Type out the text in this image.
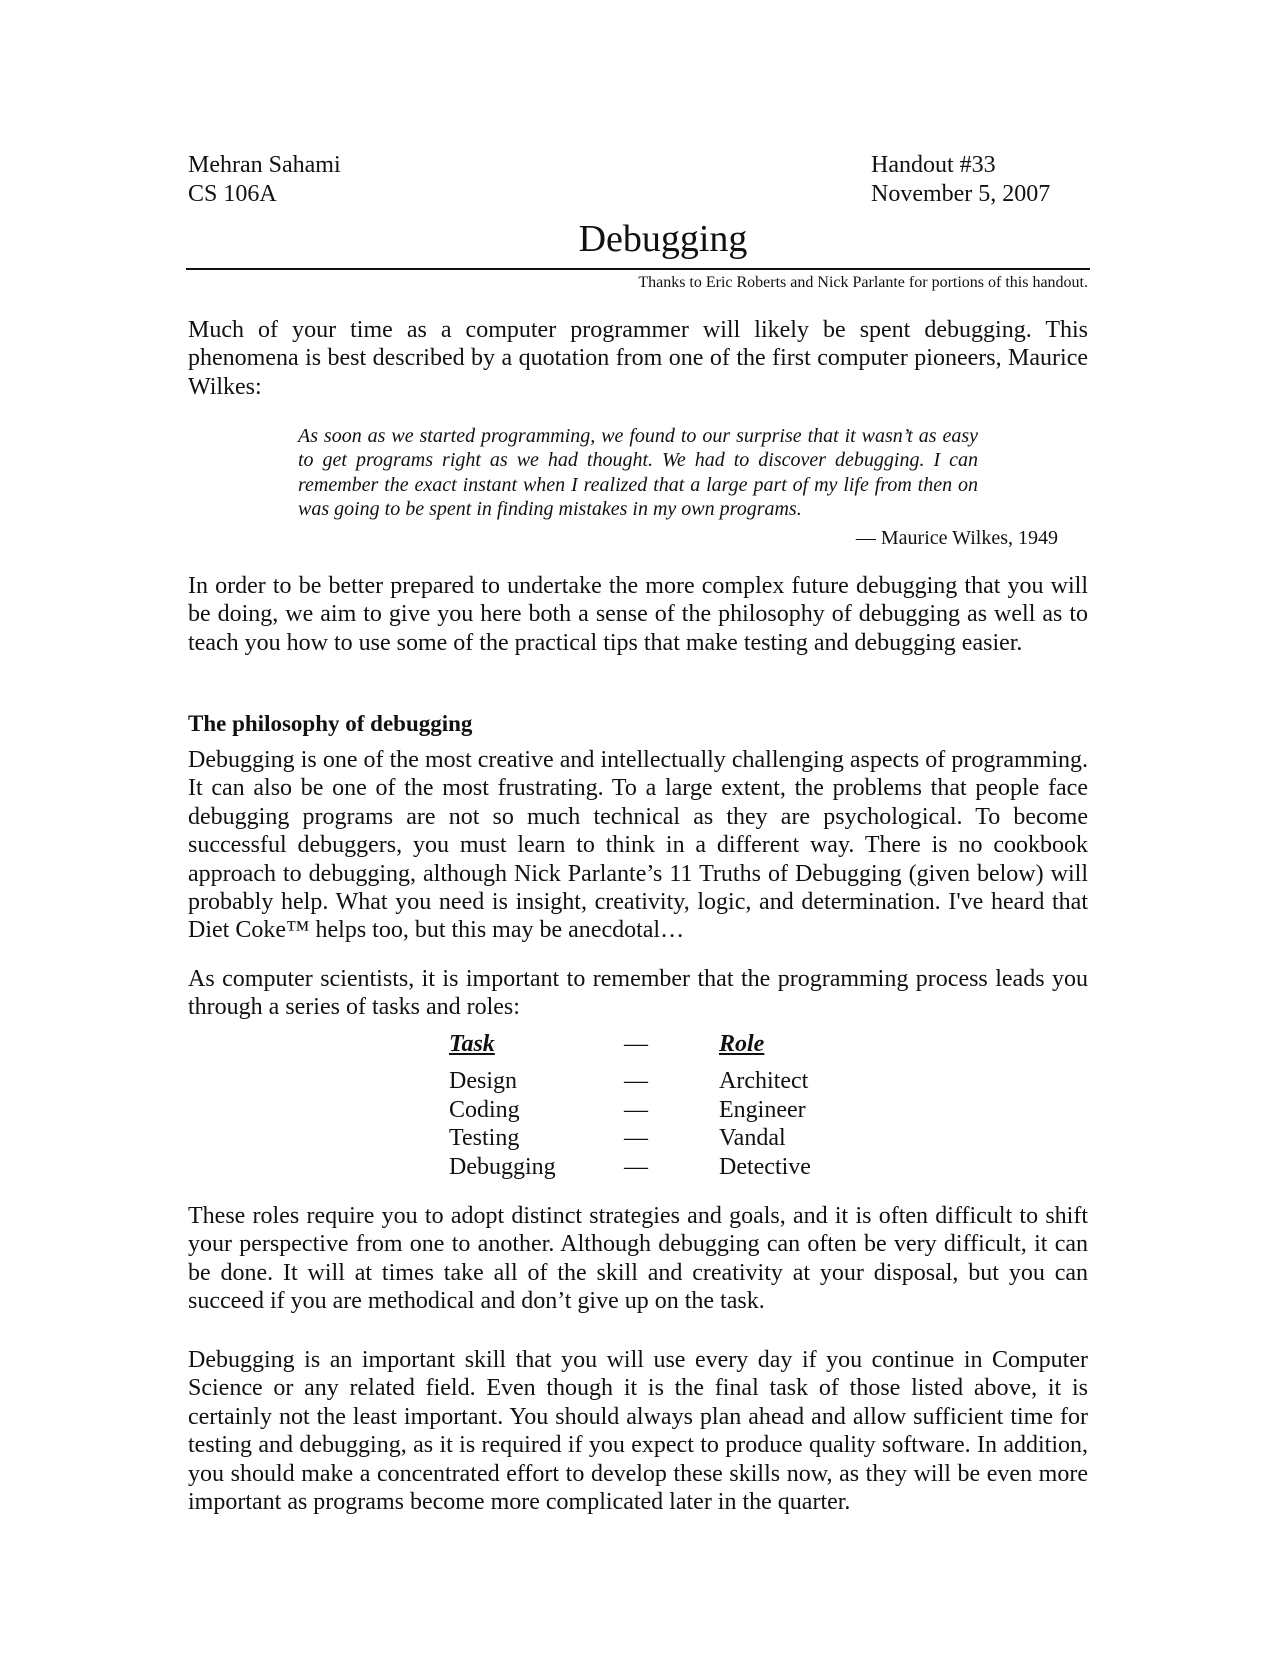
Mehran Sahami
CS 106A
Handout #33
November 5, 2007
Debugging
Thanks to Eric Roberts and Nick Parlante for portions of this handout.

Much of your time as a computer programmer will likely be spent debugging. This phenomena is best described by a quotation from one of the first computer pioneers, Maurice Wilkes:

As soon as we started programming, we found to our surprise that it wasn’t as easy to get programs right as we had thought. We had to discover debugging. I can remember the exact instant when I realized that a large part of my life from then on was going to be spent in finding mistakes in my own programs.

— Maurice Wilkes, 1949

In order to be better prepared to undertake the more complex future debugging that you will be doing, we aim to give you here both a sense of the philosophy of debugging as well as to teach you how to use some of the practical tips that make testing and debugging easier.

The philosophy of debugging

Debugging is one of the most creative and intellectually challenging aspects of programming. It can also be one of the most frustrating. To a large extent, the problems that people face debugging programs are not so much technical as they are psychological. To become successful debuggers, you must learn to think in a different way. There is no cookbook approach to debugging, although Nick Parlante’s 11 Truths of Debugging (given below) will probably help. What you need is insight, creativity, logic, and determination. I've heard that Diet Coke™ helps too, but this may be anecdotal…

As computer scientists, it is important to remember that the programming process leads you through a series of tasks and roles:

Task	—	Role
Design	—	Architect
Coding	—	Engineer
Testing	—	Vandal
Debugging	—	Detective

These roles require you to adopt distinct strategies and goals, and it is often difficult to shift your perspective from one to another. Although debugging can often be very difficult, it can be done. It will at times take all of the skill and creativity at your disposal, but you can succeed if you are methodical and don’t give up on the task.

Debugging is an important skill that you will use every day if you continue in Computer Science or any related field. Even though it is the final task of those listed above, it is certainly not the least important. You should always plan ahead and allow sufficient time for testing and debugging, as it is required if you expect to produce quality software. In addition, you should make a concentrated effort to develop these skills now, as they will be even more important as programs become more complicated later in the quarter.
